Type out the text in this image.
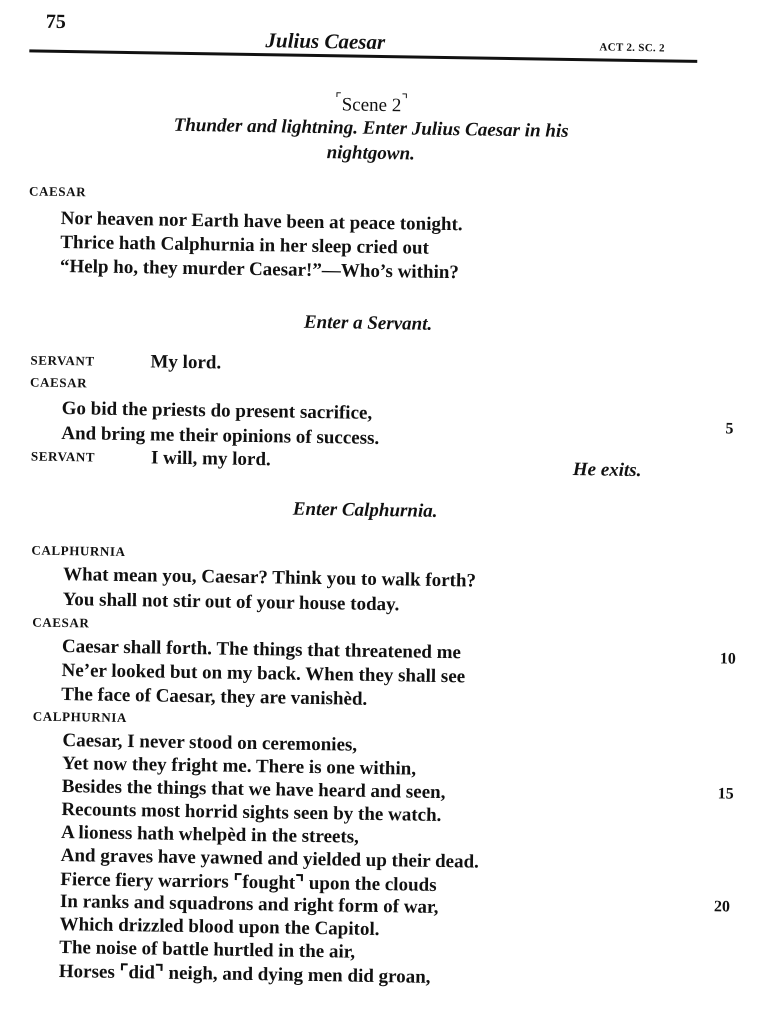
75
Julius Caesar	ACT 2. SC. 2
⌜Scene 2⌝
Thunder and lightning. Enter Julius Caesar in his
nightgown.
CAESAR
Nor heaven nor Earth have been at peace tonight.
Thrice hath Calphurnia in her sleep cried out
“Help ho, they murder Caesar!”—Who’s within?
Enter a Servant.
SERVANT	My lord.
CAESAR
Go bid the priests do present sacrifice,
5
And bring me their opinions of success.
SERVANT	I will, my lord.	He exits.
Enter Calphurnia.
CALPHURNIA
What mean you, Caesar? Think you to walk forth?
You shall not stir out of your house today.
CAESAR
Caesar shall forth. The things that threatened me	10
Ne’er looked but on my back. When they shall see
The face of Caesar, they are vanishèd.
CALPHURNIA
Caesar, I never stood on ceremonies,
Yet now they fright me. There is one within,
Besides the things that we have heard and seen,	15
Recounts most horrid sights seen by the watch.
A lioness hath whelpèd in the streets,
And graves have yawned and yielded up their dead.
Fierce fiery warriors ⌜fought⌝ upon the clouds
In ranks and squadrons and right form of war,	20
Which drizzled blood upon the Capitol.
The noise of battle hurtled in the air,
Horses ⌜did⌝ neigh, and dying men did groan,
